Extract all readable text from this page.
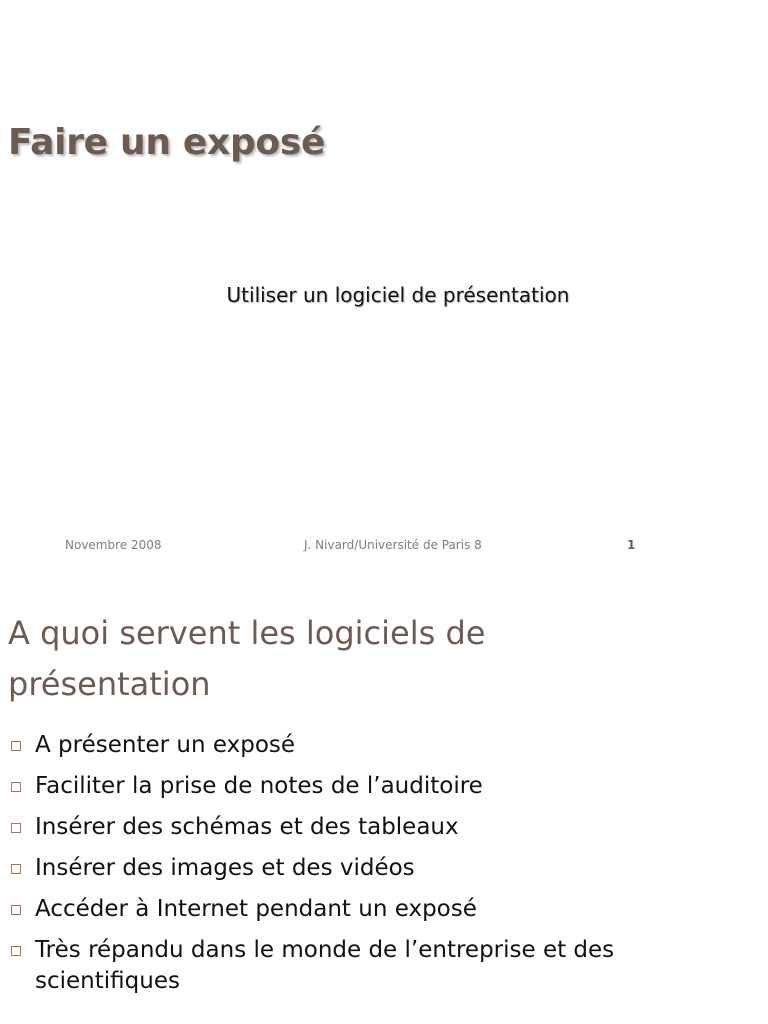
Faire un exposé
Utiliser un logiciel de présentation
Novembre 2008	J. Nivard/Université de Paris 8	1
A quoi servent les logiciels de présentation
A présenter un exposé
Faciliter la prise de notes de l’auditoire
Insérer des schémas et des tableaux
Insérer des images et des vidéos
Accéder à Internet pendant un exposé
Très répandu dans le monde de l’entreprise et des scientifiques
